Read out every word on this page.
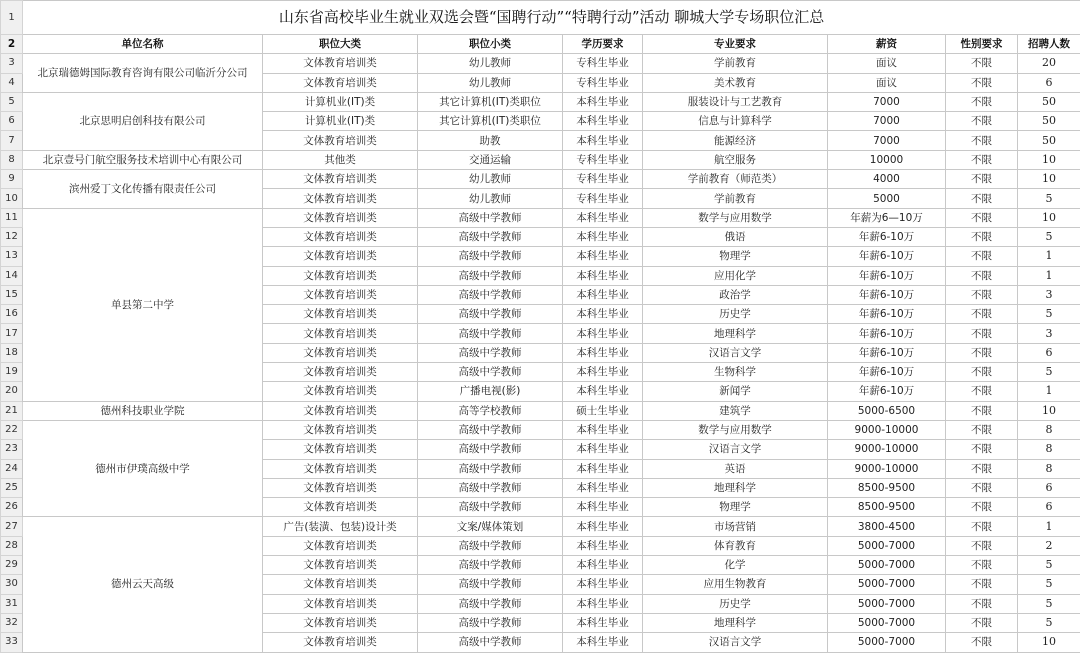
1	山东省高校毕业生就业双选会暨“国聘行动”“特聘行动”活动 聊城大学专场职位汇总							
2	单位名称	职位大类	职位小类	学历要求	专业要求	薪资	性别要求	招聘人数
3	北京瑞德姆国际教育咨询有限公司临沂分公司	文体教育培训类	幼儿教师	专科生毕业	学前教育	面议	不限	20
4		文体教育培训类	幼儿教师	专科生毕业	美术教育	面议	不限	6
5	北京思明启创科技有限公司	计算机业(IT)类	其它计算机(IT)类职位	本科生毕业	服装设计与工艺教育	7000	不限	50
6		计算机业(IT)类	其它计算机(IT)类职位	本科生毕业	信息与计算科学	7000	不限	50
7		文体教育培训类	助教	本科生毕业	能源经济	7000	不限	50
8	北京壹号门航空服务技术培训中心有限公司	其他类	交通运输	专科生毕业	航空服务	10000	不限	10
9	滨州爱丁文化传播有限责任公司	文体教育培训类	幼儿教师	专科生毕业	学前教育（师范类）	4000	不限	10
10		文体教育培训类	幼儿教师	专科生毕业	学前教育	5000	不限	5
11	单县第二中学	文体教育培训类	高级中学教师	本科生毕业	数学与应用数学	年薪为6—10万	不限	10
12		文体教育培训类	高级中学教师	本科生毕业	俄语	年薪6-10万	不限	5
13		文体教育培训类	高级中学教师	本科生毕业	物理学	年薪6-10万	不限	1
14		文体教育培训类	高级中学教师	本科生毕业	应用化学	年薪6-10万	不限	1
15		文体教育培训类	高级中学教师	本科生毕业	政治学	年薪6-10万	不限	3
16		文体教育培训类	高级中学教师	本科生毕业	历史学	年薪6-10万	不限	5
17		文体教育培训类	高级中学教师	本科生毕业	地理科学	年薪6-10万	不限	3
18		文体教育培训类	高级中学教师	本科生毕业	汉语言文学	年薪6-10万	不限	6
19		文体教育培训类	高级中学教师	本科生毕业	生物科学	年薪6-10万	不限	5
20		文体教育培训类	广播电视(影)	本科生毕业	新闻学	年薪6-10万	不限	1
21	德州科技职业学院	文体教育培训类	高等学校教师	硕士生毕业	建筑学	5000-6500	不限	10
22	德州市伊璞高级中学	文体教育培训类	高级中学教师	本科生毕业	数学与应用数学	9000-10000	不限	8
23		文体教育培训类	高级中学教师	本科生毕业	汉语言文学	9000-10000	不限	8
24		文体教育培训类	高级中学教师	本科生毕业	英语	9000-10000	不限	8
25		文体教育培训类	高级中学教师	本科生毕业	地理科学	8500-9500	不限	6
26		文体教育培训类	高级中学教师	本科生毕业	物理学	8500-9500	不限	6
27	德州云天高级	广告(装潢、包装)设计类	文案/媒体策划	本科生毕业	市场营销	3800-4500	不限	1
28		文体教育培训类	高级中学教师	本科生毕业	体育教育	5000-7000	不限	2
29		文体教育培训类	高级中学教师	本科生毕业	化学	5000-7000	不限	5
30		文体教育培训类	高级中学教师	本科生毕业	应用生物教育	5000-7000	不限	5
31		文体教育培训类	高级中学教师	本科生毕业	历史学	5000-7000	不限	5
32		文体教育培训类	高级中学教师	本科生毕业	地理科学	5000-7000	不限	5
33		文体教育培训类	高级中学教师	本科生毕业	汉语言文学	5000-7000	不限	10
